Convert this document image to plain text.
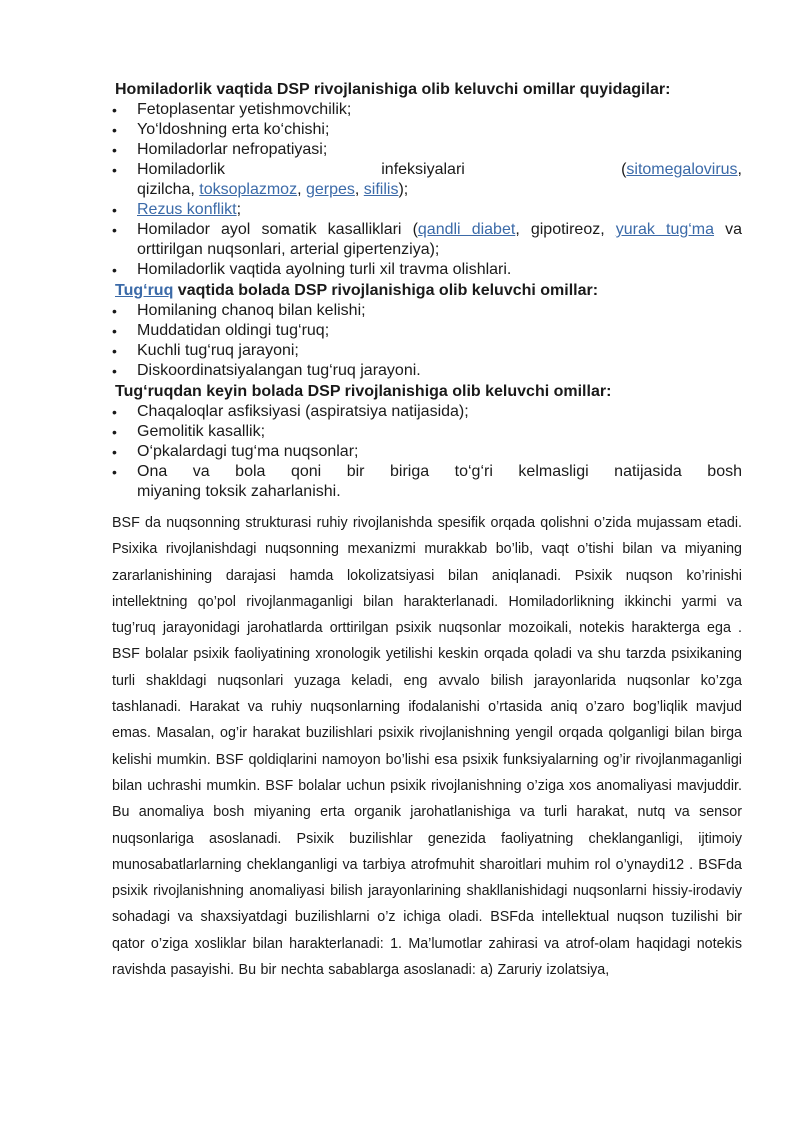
Homiladorlik vaqtida DSP rivojlanishiga olib keluvchi omillar quyidagilar:
• Fetoplasentar yetishmovchilik;
• Yo‘ldoshning erta ko‘chishi;
• Homiladorlar nefropatiyasi;
• Homiladorlik	infeksiyalari	(sitomegalovirus,
qizilcha, toksoplazmoz, gerpes, sifilis);
• Rezus konflikt;
• Homilador ayol somatik kasalliklari (qandli diabet, gipotireoz, yurak tug‘ma va
orttirilgan nuqsonlari, arterial gipertenziya);
• Homiladorlik vaqtida ayolning turli xil travma olishlari.
Tug‘ruq vaqtida bolada DSP rivojlanishiga olib keluvchi omillar:
• Homilaning chanoq bilan kelishi;
• Muddatidan oldingi tug‘ruq;
• Kuchli tug‘ruq jarayoni;
• Diskoordinatsiyalangan tug‘ruq jarayoni.
Tug‘ruqdan keyin bolada DSP rivojlanishiga olib keluvchi omillar:
• Chaqaloqlar asfiksiyasi (aspiratsiya natijasida);
• Gemolitik kasallik;
• O‘pkalardagi tug‘ma nuqsonlar;
• Ona va bola qoni bir biriga to‘g‘ri kelmasligi natijasida bosh
miyaning toksik zaharlanishi.

BSF da nuqsonning strukturasi ruhiy rivojlanishda spesifik orqada qolishni o’zida mujassam etadi. Psixika rivojlanishdagi nuqsonning mexanizmi murakkab bo’lib, vaqt o’tishi bilan va miyaning zararlanishining darajasi hamda lokolizatsiyasi bilan aniqlanadi. Psixik nuqson ko’rinishi intellektning qo’pol rivojlanmaganligi bilan harakterlanadi. Homiladorlikning ikkinchi yarmi va tug’ruq jarayonidagi jarohatlarda orttirilgan psixik nuqsonlar mozoikali, notekis harakterga ega . BSF bolalar psixik faoliyatining xronologik yetilishi keskin orqada qoladi va shu tarzda psixikaning turli shakldagi nuqsonlari yuzaga keladi, eng avvalo bilish jarayonlarida nuqsonlar ko’zga tashlanadi. Harakat va ruhiy nuqsonlarning ifodalanishi o’rtasida aniq o’zaro bog’liqlik mavjud emas. Masalan, og’ir harakat buzilishlari psixik rivojlanishning yengil orqada qolganligi bilan birga kelishi mumkin. BSF qoldiqlarini namoyon bo’lishi esa psixik funksiyalarning og’ir rivojlanmaganligi bilan uchrashi mumkin. BSF bolalar uchun psixik rivojlanishning o’ziga xos anomaliyasi mavjuddir. Bu anomaliya bosh miyaning erta organik jarohatlanishiga va turli harakat, nutq va sensor nuqsonlariga asoslanadi. Psixik buzilishlar genezida faoliyatning cheklanganligi, ijtimoiy munosabatlarlarning cheklanganligi va tarbiya atrofmuhit sharoitlari muhim rol o’ynaydi12 . BSFda psixik rivojlanishning anomaliyasi bilish jarayonlarining shakllanishidagi nuqsonlarni hissiy-irodaviy sohadagi va shaxsiyatdagi buzilishlarni o’z ichiga oladi. BSFda intellektual nuqson tuzilishi bir qator o’ziga xosliklar bilan harakterlanadi: 1. Ma’lumotlar zahirasi va atrof-olam haqidagi notekis ravishda pasayishi. Bu bir nechta sabablarga asoslanadi: a) Zaruriy izolatsiya,
